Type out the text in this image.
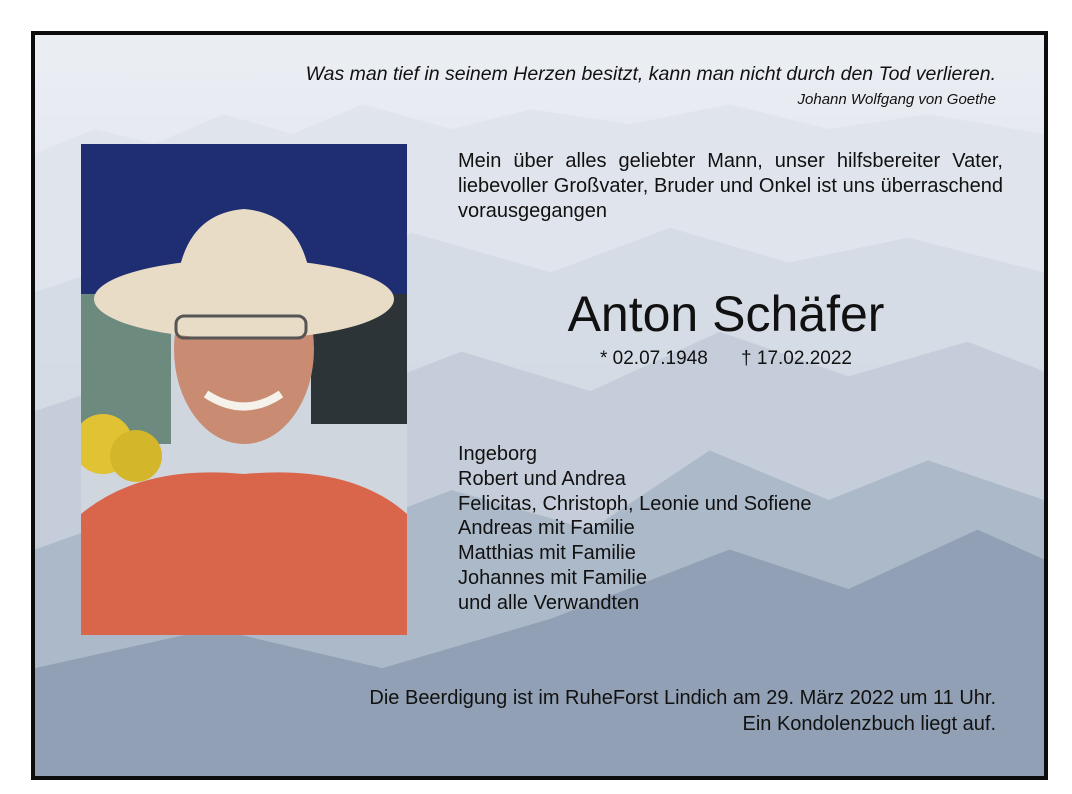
Was man tief in seinem Herzen besitzt, kann man nicht durch den Tod verlieren.
Johann Wolfgang von Goethe
Mein über alles geliebter Mann, unser hilfsbereiter Vater, liebevoller Großvater, Bruder und Onkel ist uns überraschend vorausgegangen
Anton Schäfer
* 02.07.1948 † 17.02.2022
Ingeborg
Robert und Andrea
Felicitas, Christoph, Leonie und Sofiene
Andreas mit Familie
Matthias mit Familie
Johannes mit Familie
und alle Verwandten
Die Beerdigung ist im RuheForst Lindich am 29. März 2022 um 11 Uhr.
Ein Kondolenzbuch liegt auf.
